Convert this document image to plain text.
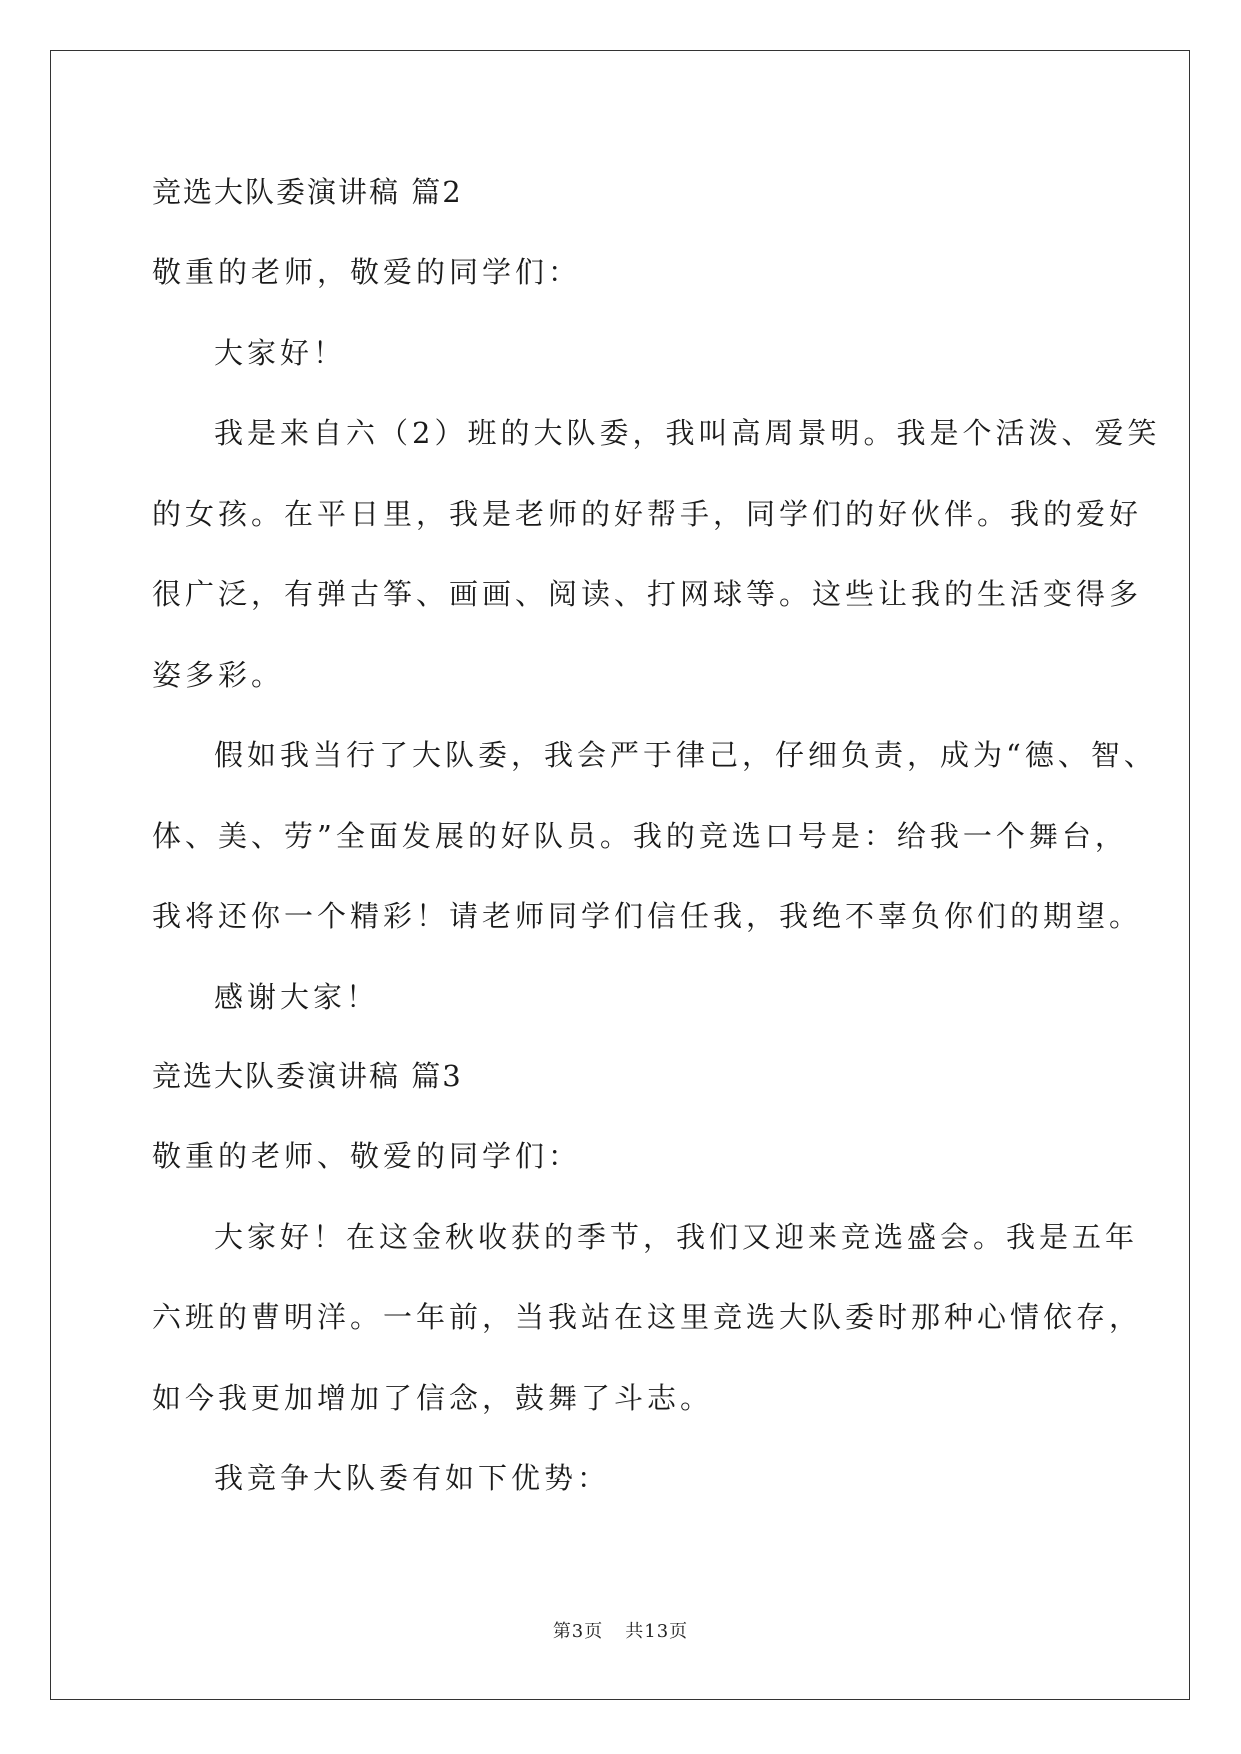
竞选大队委演讲稿 篇2
敬重的老师，敬爱的同学们：
大家好！
我是来自六（2）班的大队委，我叫高周景明。我是个活泼、爱笑
的女孩。在平日里，我是老师的好帮手，同学们的好伙伴。我的爱好
很广泛，有弹古筝、画画、阅读、打网球等。这些让我的生活变得多
姿多彩。
假如我当行了大队委，我会严于律己，仔细负责，成为“德、智、
体、美、劳”全面发展的好队员。我的竞选口号是：给我一个舞台，
我将还你一个精彩！请老师同学们信任我，我绝不辜负你们的期望。
感谢大家！
竞选大队委演讲稿 篇3
敬重的老师、敬爱的同学们：
大家好！在这金秋收获的季节，我们又迎来竞选盛会。我是五年
六班的曹明洋。一年前，当我站在这里竞选大队委时那种心情依存，
如今我更加增加了信念，鼓舞了斗志。
我竞争大队委有如下优势：
第3页 共13页
